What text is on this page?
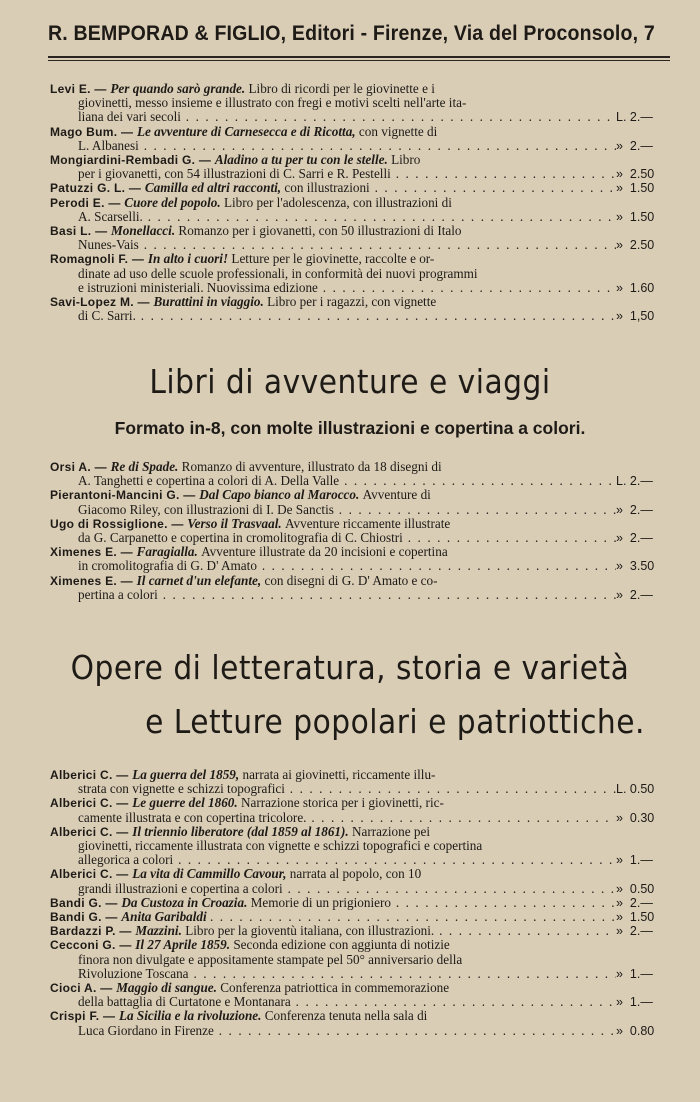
R. BEMPORAD & FIGLIO, Editori - Firenze, Via del Proconsolo, 7
Levi E. — Per quando sarò grande. Libro di ricordi per le giovinette e i
giovinetti, messo insieme e illustrato con fregi e motivi scelti nell'arte ita-
liana dei vari secoli . . .	L. 2.—
Mago Bum. — Le avventure di Carnesecca e di Ricotta, con vignette di
L. Albanesi . . .	»  2.—
Mongiardini-Rembadi G. — Aladino a tu per tu con le stelle. Libro
per i giovanetti, con 54 illustrazioni di C. Sarri e R. Pestelli . . .	»  2.50
Patuzzi G. L. — Camilla ed altri racconti, con illustrazioni . . .	»  1.50
Perodi E. — Cuore del popolo. Libro per l'adolescenza, con illustrazioni di
A. Scarselli. . . .	»  1.50
Basi L. — Monellacci. Romanzo per i giovanetti, con 50 illustrazioni di Italo
Nunes-Vais . . .	»  2.50
Romagnoli F. — In alto i cuori! Letture per le giovinette, raccolte e or-
dinate ad uso delle scuole professionali, in conformità dei nuovi programmi
e istruzioni ministeriali. Nuovissima edizione . . .	»  1.60
Savi-Lopez M. — Burattini in viaggio. Libro per i ragazzi, con vignette
di C. Sarri. . . .	»  1,50
Libri di avventure e viaggi
Formato in-8, con molte illustrazioni e copertina a colori.
Orsi A. — Re di Spade. Romanzo di avventure, illustrato da 18 disegni di
A. Tanghetti e copertina a colori di A. Della Valle . . .	L. 2.—
Pierantoni-Mancini G. — Dal Capo bianco al Marocco. Avventure di
Giacomo Riley, con illustrazioni di I. De Sanctis . . .	»  2.—
Ugo di Rossiglione. — Verso il Trasvaal. Avventure riccamente illustrate
da G. Carpanetto e copertina in cromolitografia di C. Chiostri . . .	»  2.—
Ximenes E. — Faragialla. Avventure illustrate da 20 incisioni e copertina
in cromolitografia di G. D' Amato . . .	»  3.50
Ximenes E. — Il carnet d'un elefante, con disegni di G. D' Amato e co-
pertina a colori . . .	»  2.—
Opere di letteratura, storia e varietà
e Letture popolari e patriottiche.
Alberici C. — La guerra del 1859, narrata ai giovinetti, riccamente illu-
strata con vignette e schizzi topografici . . .	L. 0.50
Alberici C. — Le guerre del 1860. Narrazione storica per i giovinetti, ric-
camente illustrata e con copertina tricolore. . . .	»  0.30
Alberici C. — Il triennio liberatore (dal 1859 al 1861). Narrazione pei
giovinetti, riccamente illustrata con vignette e schizzi topografici e copertina
allegorica a colori . . .	»  1.—
Alberici C. — La vita di Cammillo Cavour, narrata al popolo, con 10
grandi illustrazioni e copertina a colori . . .	»  0.50
Bandi G. — Da Custoza in Croazia. Memorie di un prigioniero . . .	»  2.—
Bandi G. — Anita Garibaldi . . .	»  1.50
Bardazzi P. — Mazzini. Libro per la gioventù italiana, con illustrazioni. . . .	»  2.—
Cecconi G. — Il 27 Aprile 1859. Seconda edizione con aggiunta di notizie
finora non divulgate e appositamente stampate pel 50° anniversario della
Rivoluzione Toscana . . .	»  1.—
Cioci A. — Maggio di sangue. Conferenza patriottica in commemorazione
della battaglia di Curtatone e Montanara . . .	»  1.—
Crispi F. — La Sicilia e la rivoluzione. Conferenza tenuta nella sala di
Luca Giordano in Firenze . . .	»  0.80
